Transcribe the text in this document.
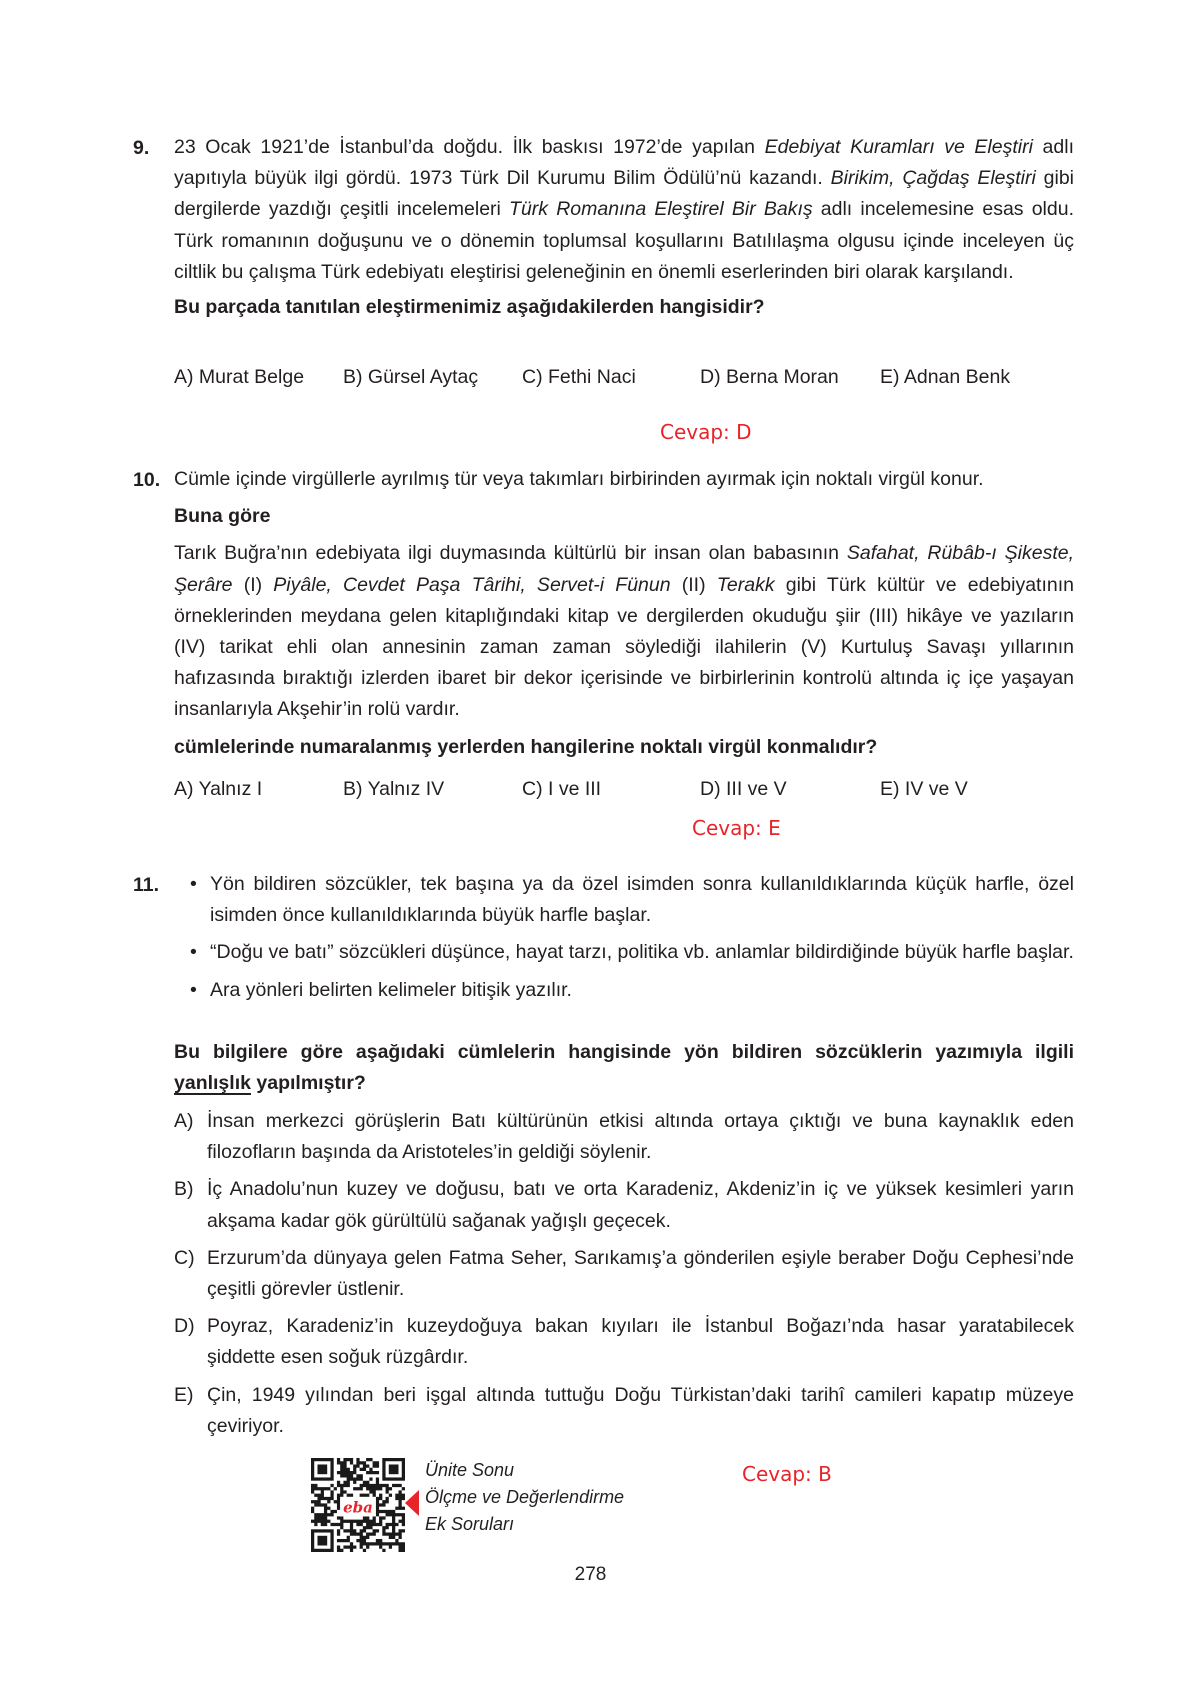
9. 23 Ocak 1921’de İstanbul’da doğdu. İlk baskısı 1972’de yapılan Edebiyat Kuramları ve Eleştiri adlı yapıtıyla büyük ilgi gördü. 1973 Türk Dil Kurumu Bilim Ödülü’nü kazandı. Birikim, Çağdaş Eleştiri gibi dergilerde yazdığı çeşitli incelemeleri Türk Romanına Eleştirel Bir Bakış adlı incelemesine esas oldu. Türk romanının doğuşunu ve o dönemin toplumsal koşullarını Batılılaşma olgusu içinde inceleyen üç ciltlik bu çalışma Türk edebiyatı eleştirisi geleneğinin en önemli eserlerinden biri olarak karşılandı.

Bu parçada tanıtılan eleştirmenimiz aşağıdakilerden hangisidir?

A) Murat Belge B) Gürsel Aytaç C) Fethi Naci	D) Berna Moran E) Adnan Benk
Cevap: D
10. Cümle içinde virgüllerle ayrılmış tür veya takımları birbirinden ayırmak için noktalı virgül konur.

Buna göre

Tarık Buğra’nın edebiyata ilgi duymasında kültürlü bir insan olan babasının Safahat, Rübâb-ı Şikeste, Şerâre (I) Piyâle, Cevdet Paşa Târihi, Servet-i Fünun (II) Terakk gibi Türk kültür ve edebiyatının örneklerinden meydana gelen kitaplığındaki kitap ve dergilerden okuduğu şiir (III) hikâye ve yazıların (IV) tarikat ehli olan annesinin zaman zaman söylediği ilahilerin (V) Kurtuluş Savaşı yıllarının hafızasında bıraktığı izlerden ibaret bir dekor içerisinde ve birbirlerinin kontrolü altında iç içe yaşayan insanlarıyla Akşehir’in rolü vardır.

cümlelerinde numaralanmış yerlerden hangilerine noktalı virgül konmalıdır?

A) Yalnız I	B) Yalnız IV	C) I ve III	D) III ve V	E) IV ve V
Cevap: E
11. • Yön bildiren sözcükler, tek başına ya da özel isimden sonra kullanıldıklarında küçük harfle, özel isimden önce kullanıldıklarında büyük harfle başlar.
• “Doğu ve batı” sözcükleri düşünce, hayat tarzı, politika vb. anlamlar bildirdiğinde büyük harfle başlar.
• Ara yönleri belirten kelimeler bitişik yazılır.

Bu bilgilere göre aşağıdaki cümlelerin hangisinde yön bildiren sözcüklerin yazımıyla ilgili yanlışlık yapılmıştır?

A) İnsan merkezci görüşlerin Batı kültürünün etkisi altında ortaya çıktığı ve buna kaynaklık eden filozofların başında da Aristoteles’in geldiği söylenir.
B) İç Anadolu’nun kuzey ve doğusu, batı ve orta Karadeniz, Akdeniz’in iç ve yüksek kesimleri yarın akşama kadar gök gürültülü sağanak yağışlı geçecek.
C) Erzurum’da dünyaya gelen Fatma Seher, Sarıkamış’a gönderilen eşiyle beraber Doğu Cephesi’nde çeşitli görevler üstlenir.
D) Poyraz, Karadeniz’in kuzeydoğuya bakan kıyıları ile İstanbul Boğazı’nda hasar yaratabilecek şiddette esen soğuk rüzgârdır.
E) Çin, 1949 yılından beri işgal altında tuttuğu Doğu Türkistan’daki tarihî camileri kapatıp müzeye çeviriyor.
Cevap: B
eba
Ünite Sonu
Ölçme ve Değerlendirme
Ek Soruları
278
